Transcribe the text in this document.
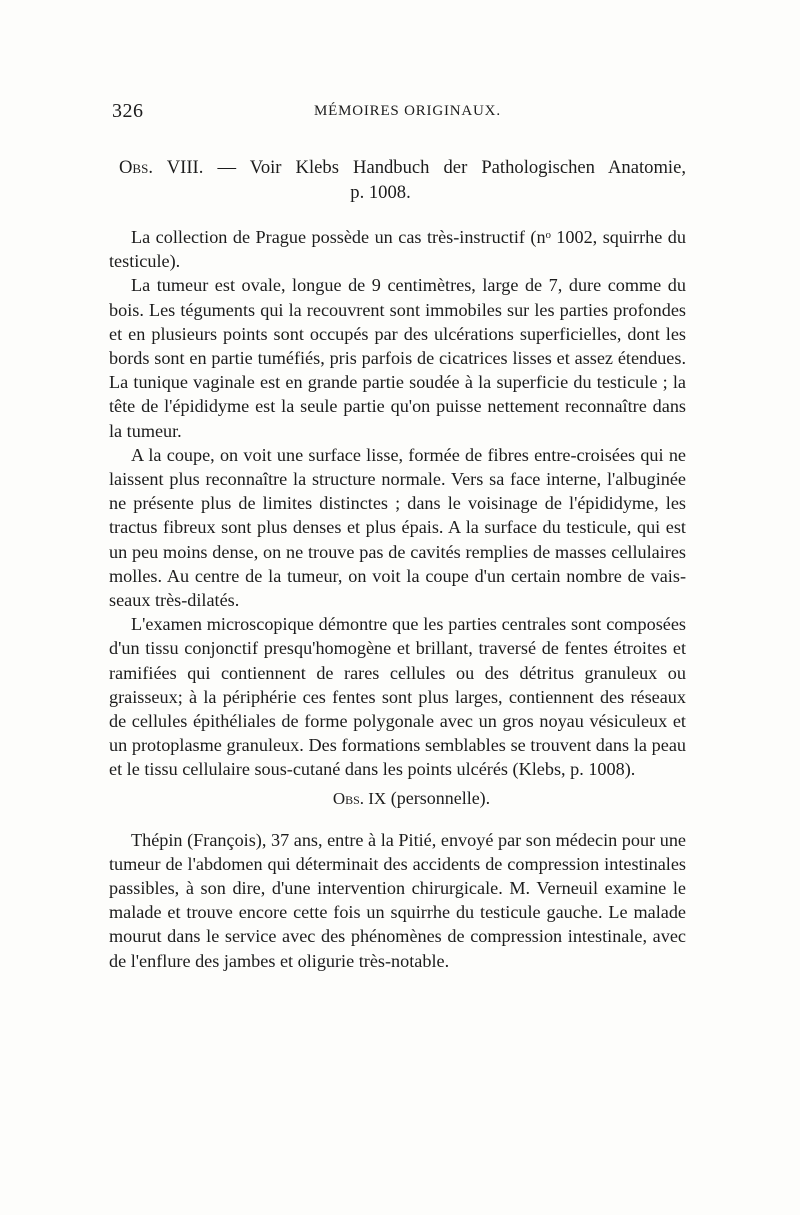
326	MÉMOIRES ORIGINAUX.
Obs. VIII. — Voir Klebs Handbuch der Pathologischen Anatomie,
p. 1008.

La collection de Prague possède un cas très-instructif (nᵒ 1002, squirrhe du testicule).

La tumeur est ovale, longue de 9 centimètres, large de 7, dure comme du bois. Les téguments qui la recouvrent sont immobiles sur les parties profondes et en plusieurs points sont occupés par des ulcérations superficielles, dont les bords sont en partie tuméfiés, pris parfois de cicatrices lisses et assez étendues. La tunique vaginale est en grande partie soudée à la superficie du testicule ; la tête de l'épididyme est la seule partie qu'on puisse nettement reconnaître dans la tumeur.

A la coupe, on voit une surface lisse, formée de fibres entre-croisées qui ne laissent plus reconnaître la structure normale. Vers sa face interne, l'albuginée ne présente plus de limites distinctes ; dans le voisinage de l'épididyme, les tractus fibreux sont plus denses et plus épais. A la surface du testicule, qui est un peu moins dense, on ne trouve pas de cavités remplies de masses cellulaires molles. Au centre de la tumeur, on voit la coupe d'un certain nombre de vaisseaux très-dilatés.

L'examen microscopique démontre que les parties centrales sont composées d'un tissu conjonctif presqu'homogène et brillant, traversé de fentes étroites et ramifiées qui contiennent de rares cellules ou des détritus granuleux ou graisseux; à la périphérie ces fentes sont plus larges, contiennent des réseaux de cellules épithéliales de forme polygonale avec un gros noyau vésiculeux et un protoplasme granuleux. Des formations semblables se trouvent dans la peau et le tissu cellulaire sous-cutané dans les points ulcérés (Klebs, p. 1008).

Obs. IX (personnelle).

Thépin (François), 37 ans, entre à la Pitié, envoyé par son médecin pour une tumeur de l'abdomen qui déterminait des accidents de compression intestinales passibles, à son dire, d'une intervention chirurgicale. M. Verneuil examine le malade et trouve encore cette fois un squirrhe du testicule gauche. Le malade mourut dans le service avec des phénomènes de compression intestinale, avec de l'enflure des jambes et oligurie très-notable.
